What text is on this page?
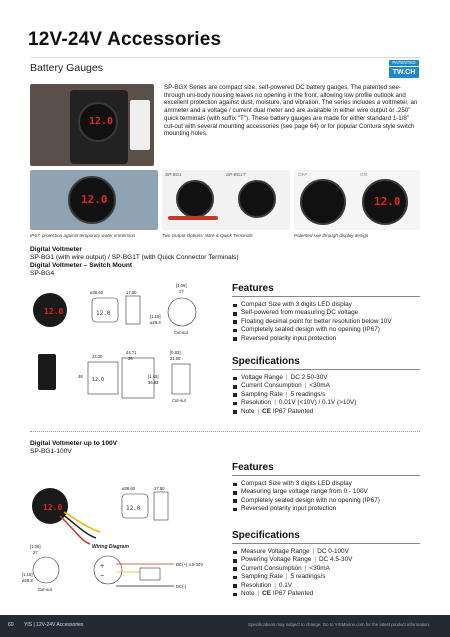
12V-24V Accessories
Battery Gauges	PATENTED
TW.CH
12.0
SP-BGX Series are compact size, self-powered DC battery gauges. The patented see-through uni-body housing leaves no opening in the front, allowing low profile outlook and excellent protection against dust, moisture, and vibration. The series includes a voltmeter, an ammeter and a voltage / current dual meter and are available in either wire output or .250" quick terminals (with suffix "T"). These battery gauges are made for either standard 1-1/8" cut-out with several mounting accessories (see page 64) or for popular Contura style switch mounting holes.
12.0
SP-BG1	SP-BG1T	OFF	ON
12.0
IP67: protection against temporary water immersion	Two Output Options: Wire & Quick Terminals	Patented see through display design
Digital Voltmeter
SP-BG1 (with wire output) / SP-BG1T (with Quick Connector Terminals)
Digital Voltmeter – Switch Mount
SP-BG4
12.0	12.0
ø36.60	17.50
[1.06]
27
[1.15]
ø29.3
Cut-out
12.0
44.71
36
24.20
48
[0.83]
21.08
[1.45]
36.83
Cut-out
Features
Compact Size with 3 digits LED display
Self-powered from measuring DC voltage
Floating decimal point for better resolution below 10V
Completely sealed design with no opening (IP67)
Reversed polarity input protection
Specifications
Voltage Range | DC 2.50-30V
Current Consumption | <30mA
Sampling Rate | 5 readings/s
Resolution | 0.01V (<10V) / 0.1V (>10V)
Note | CE IP67 Patented
Digital Voltmeter up to 100V
SP-BG1-100V
12.0	12.0
ø36.60	17.50
[1.06]
27
[1.15]
ø29.3
Cut-out
Wiring Diagram
+
−
DC(+) 4.5-30V
DC(-)
Features
Compact Size with 3 digits LED display
Measuring large voltage range from 0 - 100V
Completely sealed design with no opening (IP67)
Reversed polarity input protection
Specifications
Measure Voltage Range | DC 0-100V
Powering Voltage Range | DC 4.5-30V
Current Consumption | <30mA
Sampling Rate | 5 readings/s
Resolution | 0.1V
Note | CE IP67 Patented
60 YIS | 12V-24V Accessories	Specifications may subject to change. Go to YISMarine.com for the latest product information.
